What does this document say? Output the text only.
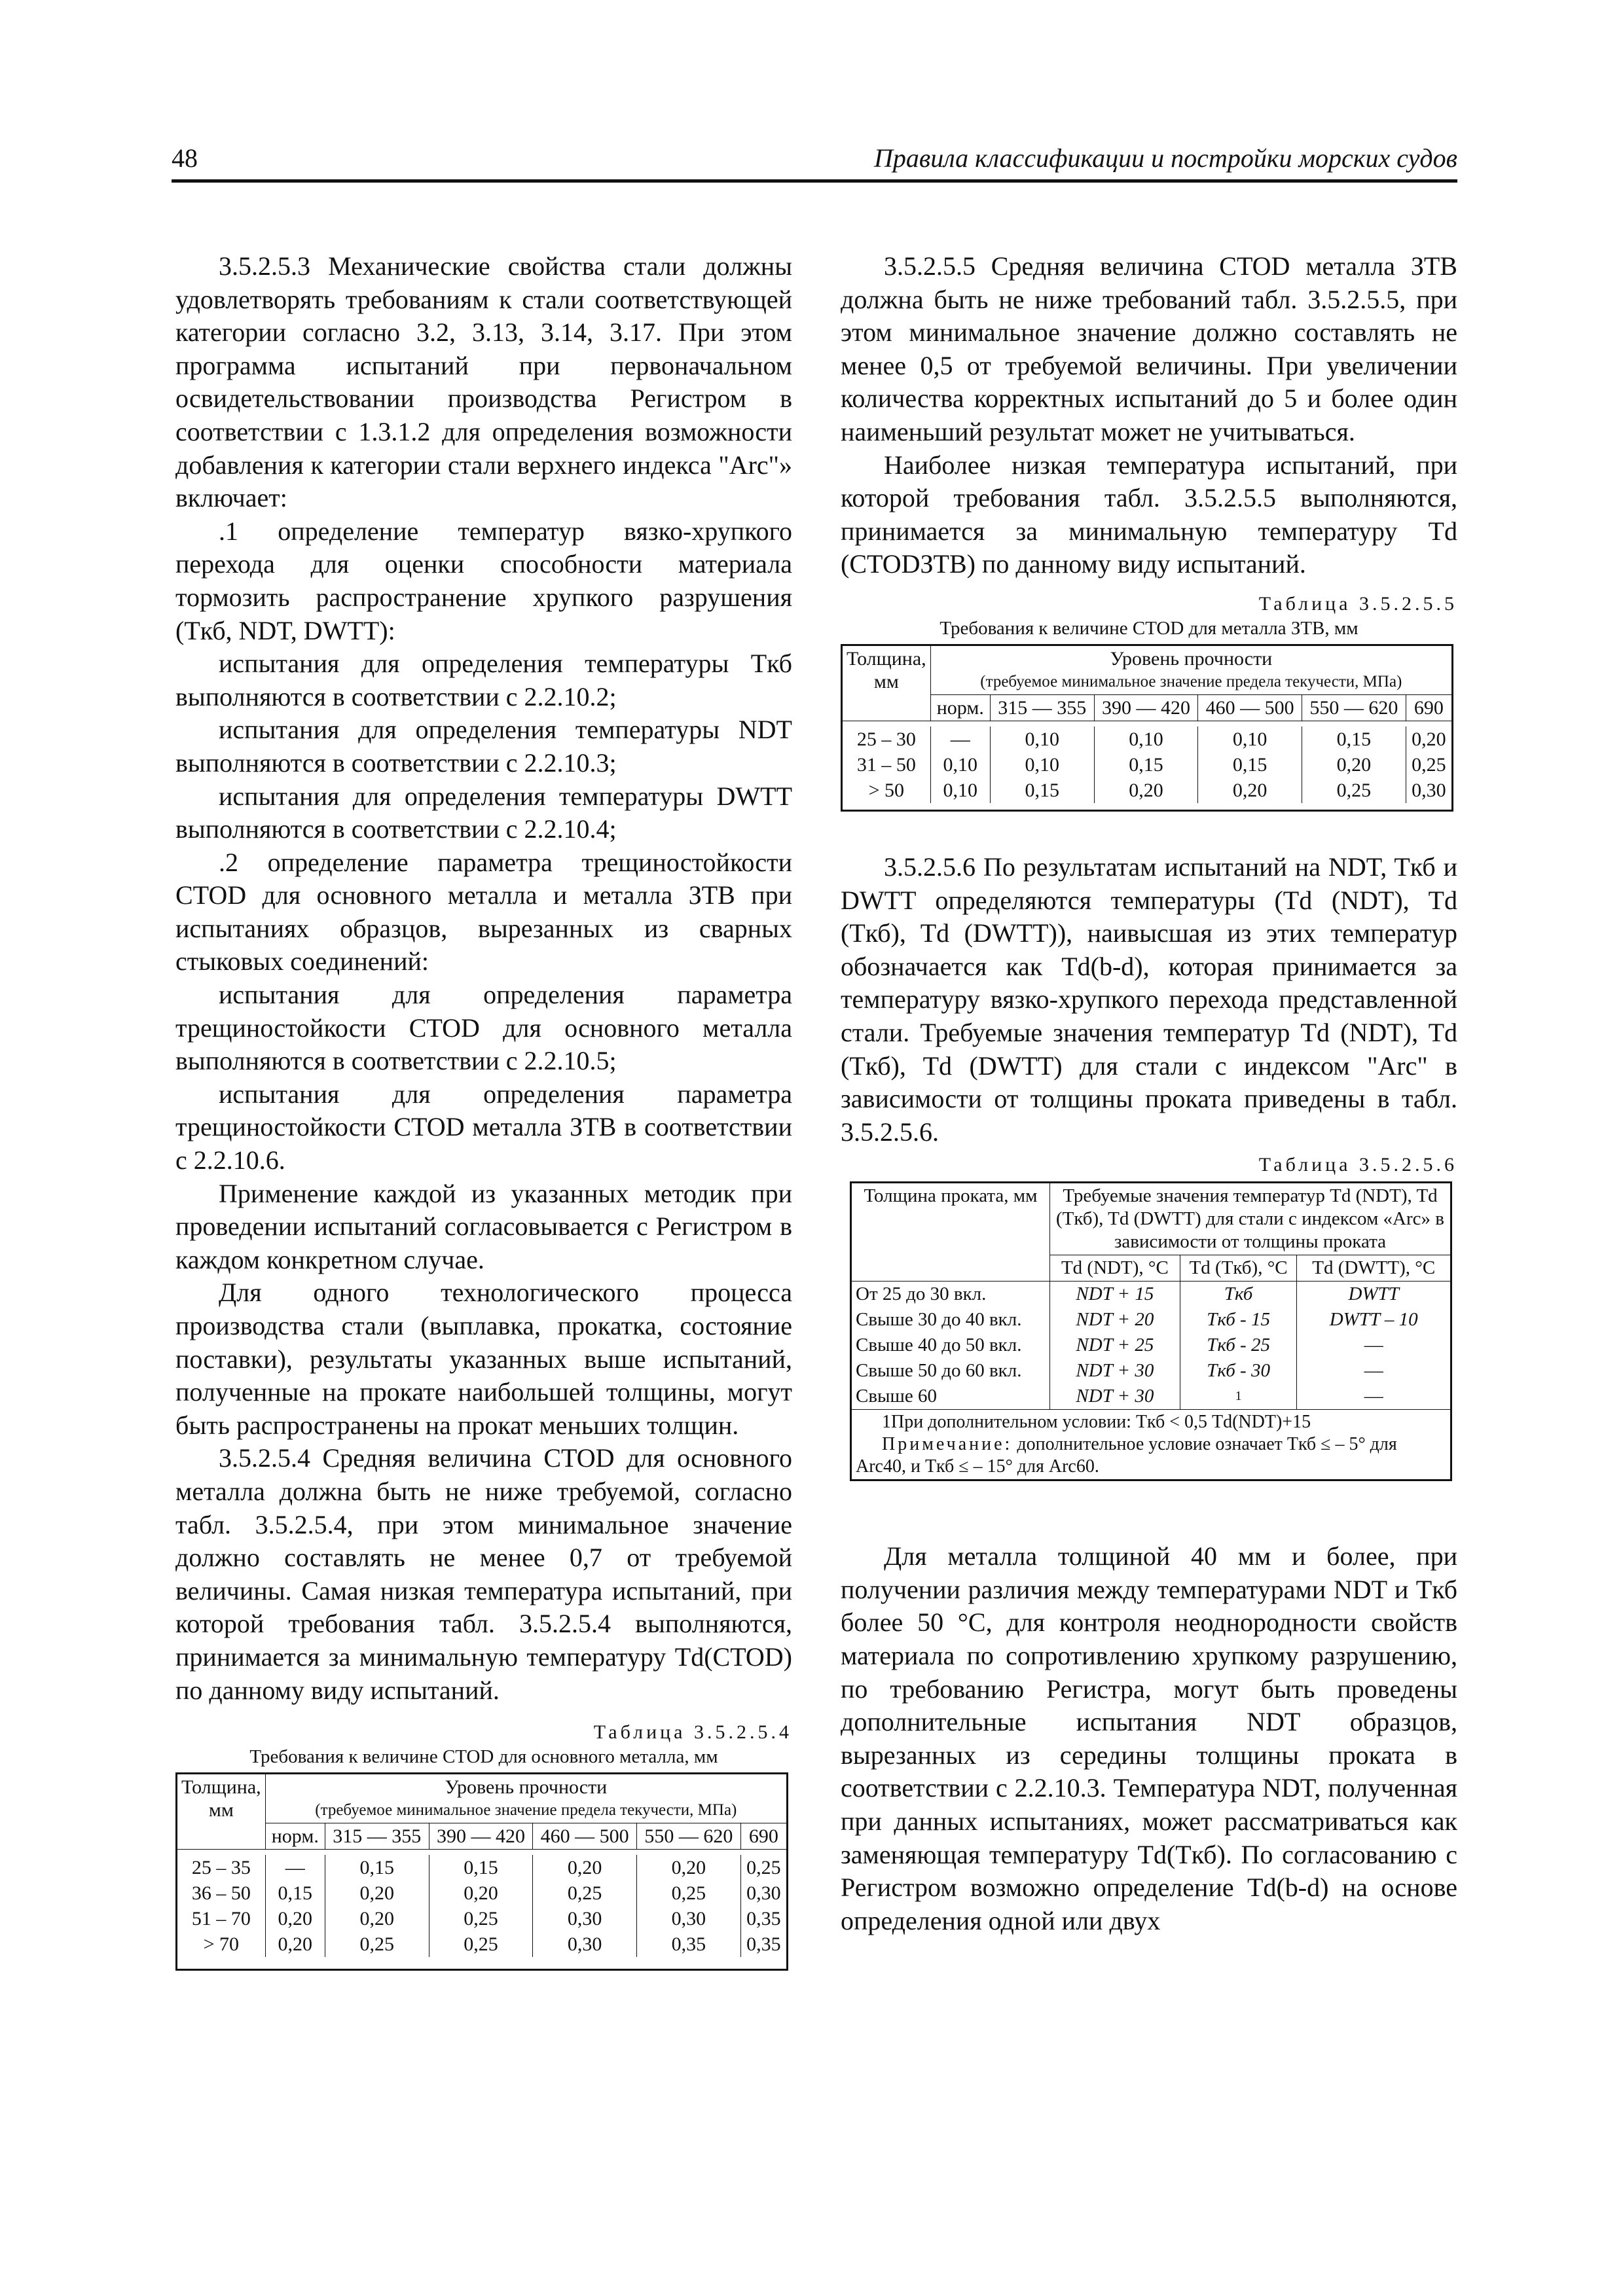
48	Правила классификации и постройки морских судов

3.5.2.5.3 Механические свойства стали должны удовлетворять требованиям к стали соответствующей категории согласно 3.2, 3.13, 3.14, 3.17. При этом программа испытаний при первоначальном освидетельствовании производства Регистром в соответствии с 1.3.1.2 для определения возможности добавления к категории стали верхнего индекса "Arc"» включает:

.1 определение температур вязко-хрупкого перехода для оценки способности материала тормозить распространение хрупкого разрушения (Tкб, NDT, DWTT):

испытания для определения температуры Tкб выполняются в соответствии с 2.2.10.2;

испытания для определения температуры NDT выполняются в соответствии с 2.2.10.3;

испытания для определения температуры DWTT выполняются в соответствии с 2.2.10.4;

.2 определение параметра трещиностойкости CTOD для основного металла и металла ЗТВ при испытаниях образцов, вырезанных из сварных стыковых соединений:

испытания для определения параметра трещиностойкости CTOD для основного металла выполняются в соответствии с 2.2.10.5;

испытания для определения параметра трещиностойкости CTOD металла ЗТВ в соответствии с 2.2.10.6.

Применение каждой из указанных методик при проведении испытаний согласовывается с Регистром в каждом конкретном случае.

Для одного технологического процесса производства стали (выплавка, прокатка, состояние поставки), результаты указанных выше испытаний, полученные на прокате наибольшей толщины, могут быть распространены на прокат меньших толщин.

3.5.2.5.4 Средняя величина CTOD для основного металла должна быть не ниже требуемой, согласно табл. 3.5.2.5.4, при этом минимальное значение должно составлять не менее 0,7 от требуемой величины. Самая низкая температура испытаний, при которой требования табл. 3.5.2.5.4 выполняются, принимается за минимальную температуру Td(CTOD) по данному виду испытаний.

Таблица 3.5.2.5.4
Требования к величине CTOD для основного металла, мм
Толщина, мм	Уровень прочности
(требуемое минимальное значение предела текучести, МПа)					

	норм.	315 — 355	390 — 420	460 — 500	550 — 620	690

25 – 35	—	0,15	0,15	0,20	0,20	0,25
36 – 50	0,15	0,20	0,20	0,25	0,25	0,30
51 – 70	0,20	0,20	0,25	0,30	0,30	0,35
> 70	0,20	0,25	0,25	0,30	0,35	0,35

3.5.2.5.5 Средняя величина CTOD металла ЗТВ должна быть не ниже требований табл. 3.5.2.5.5, при этом минимальное значение должно составлять не менее 0,5 от требуемой величины. При увеличении количества корректных испытаний до 5 и более один наименьший результат может не учитываться.

Наиболее низкая температура испытаний, при которой требования табл. 3.5.2.5.5 выполняются, принимается за минимальную температуру Td (CTODЗТВ) по данному виду испытаний.

Таблица 3.5.2.5.5
Требования к величине CTOD для металла ЗТВ, мм
Толщина, мм	Уровень прочности
(требуемое минимальное значение предела текучести, МПа)					

	норм.	315 — 355	390 — 420	460 — 500	550 — 620	690

25 – 30	—	0,10	0,10	0,10	0,15	0,20
31 – 50	0,10	0,10	0,15	0,15	0,20	0,25
> 50	0,10	0,15	0,20	0,20	0,25	0,30

3.5.2.5.6 По результатам испытаний на NDT, Tкб и DWTT определяются температуры (Td (NDT), Td (Tкб), Td (DWTT)), наивысшая из этих температур обозначается как Td(b-d), которая принимается за температуру вязко-хрупкого перехода представленной стали. Требуемые значения температур Td (NDT), Td (Tкб), Td (DWTT) для стали с индексом "Arc" в зависимости от толщины проката приведены в табл. 3.5.2.5.6.

Таблица 3.5.2.5.6
Толщина проката, мм	Требуемые значения температур Td (NDT), Td (Tкб), Td (DWTT) для стали с индексом «Arc» в зависимости от толщины проката		
	Td (NDT), °C	Td (Tкб), °C	Td (DWTT), °C
От 25 до 30 вкл.	NDT + 15	Tкб	DWTT
Свыше 30 до 40 вкл.	NDT + 20	Tкб - 15	DWTT – 10
Свыше 40 до 50 вкл.	NDT + 25	Tкб - 25	—
Свыше 50 до 60 вкл.	NDT + 30	Tкб - 30	—
Свыше 60	NDT + 30	1	—

1При дополнительном условии: Tкб < 0,5 Td(NDT)+15
Примечание: дополнительное условие означает Tкб ≤ – 5° для Arc40, и Tкб ≤ – 15° для Arc60.			

Для металла толщиной 40 мм и более, при получении различия между температурами NDT и Tкб более 50 °С, для контроля неоднородности свойств материала по сопротивлению хрупкому разрушению, по требованию Регистра, могут быть проведены дополнительные испытания NDT образцов, вырезанных из середины толщины проката в соответствии с 2.2.10.3. Температура NDT, полученная при данных испытаниях, может рассматриваться как заменяющая температуру Td(Tкб). По согласованию с Регистром возможно определение Td(b-d) на основе определения одной или двух
